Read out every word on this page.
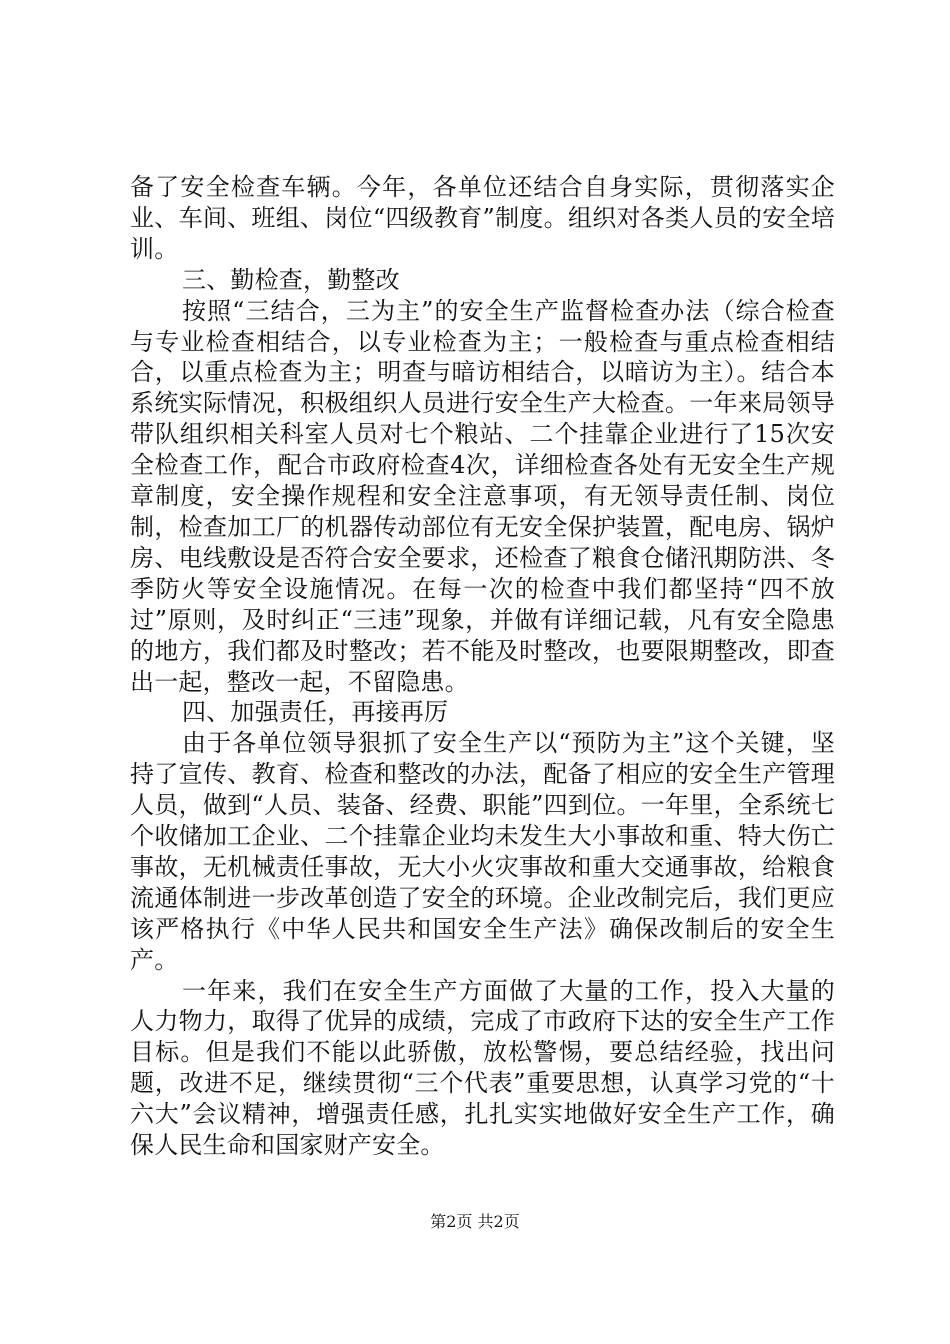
备了安全检查车辆。今年，各单位还结合自身实际，贯彻落实企业、车间、班组、岗位“四级教育”制度。组织对各类人员的安全培训。

三、勤检查，勤整改

按照“三结合，三为主”的安全生产监督检查办法（综合检查与专业检查相结合，以专业检查为主；一般检查与重点检查相结合，以重点检查为主；明查与暗访相结合，以暗访为主）。结合本系统实际情况，积极组织人员进行安全生产大检查。一年来局领导带队组织相关科室人员对七个粮站、二个挂靠企业进行了15次安全检查工作，配合市政府检查4次，详细检查各处有无安全生产规章制度，安全操作规程和安全注意事项，有无领导责任制、岗位制，检查加工厂的机器传动部位有无安全保护装置，配电房、锅炉房、电线敷设是否符合安全要求，还检查了粮食仓储汛期防洪、冬季防火等安全设施情况。在每一次的检查中我们都坚持“四不放过”原则，及时纠正“三违”现象，并做有详细记载，凡有安全隐患的地方，我们都及时整改；若不能及时整改，也要限期整改，即查出一起，整改一起，不留隐患。

四、加强责任，再接再厉

由于各单位领导狠抓了安全生产以“预防为主”这个关键，坚持了宣传、教育、检查和整改的办法，配备了相应的安全生产管理人员，做到“人员、装备、经费、职能”四到位。一年里，全系统七个收储加工企业、二个挂靠企业均未发生大小事故和重、特大伤亡事故，无机械责任事故，无大小火灾事故和重大交通事故，给粮食流通体制进一步改革创造了安全的环境。企业改制完后，我们更应该严格执行《中华人民共和国安全生产法》确保改制后的安全生产。

一年来，我们在安全生产方面做了大量的工作，投入大量的人力物力，取得了优异的成绩，完成了市政府下达的安全生产工作目标。但是我们不能以此骄傲，放松警惕，要总结经验，找出问题，改进不足，继续贯彻“三个代表”重要思想，认真学习党的“十六大”会议精神，增强责任感，扎扎实实地做好安全生产工作，确保人民生命和国家财产安全。

第2页 共2页
